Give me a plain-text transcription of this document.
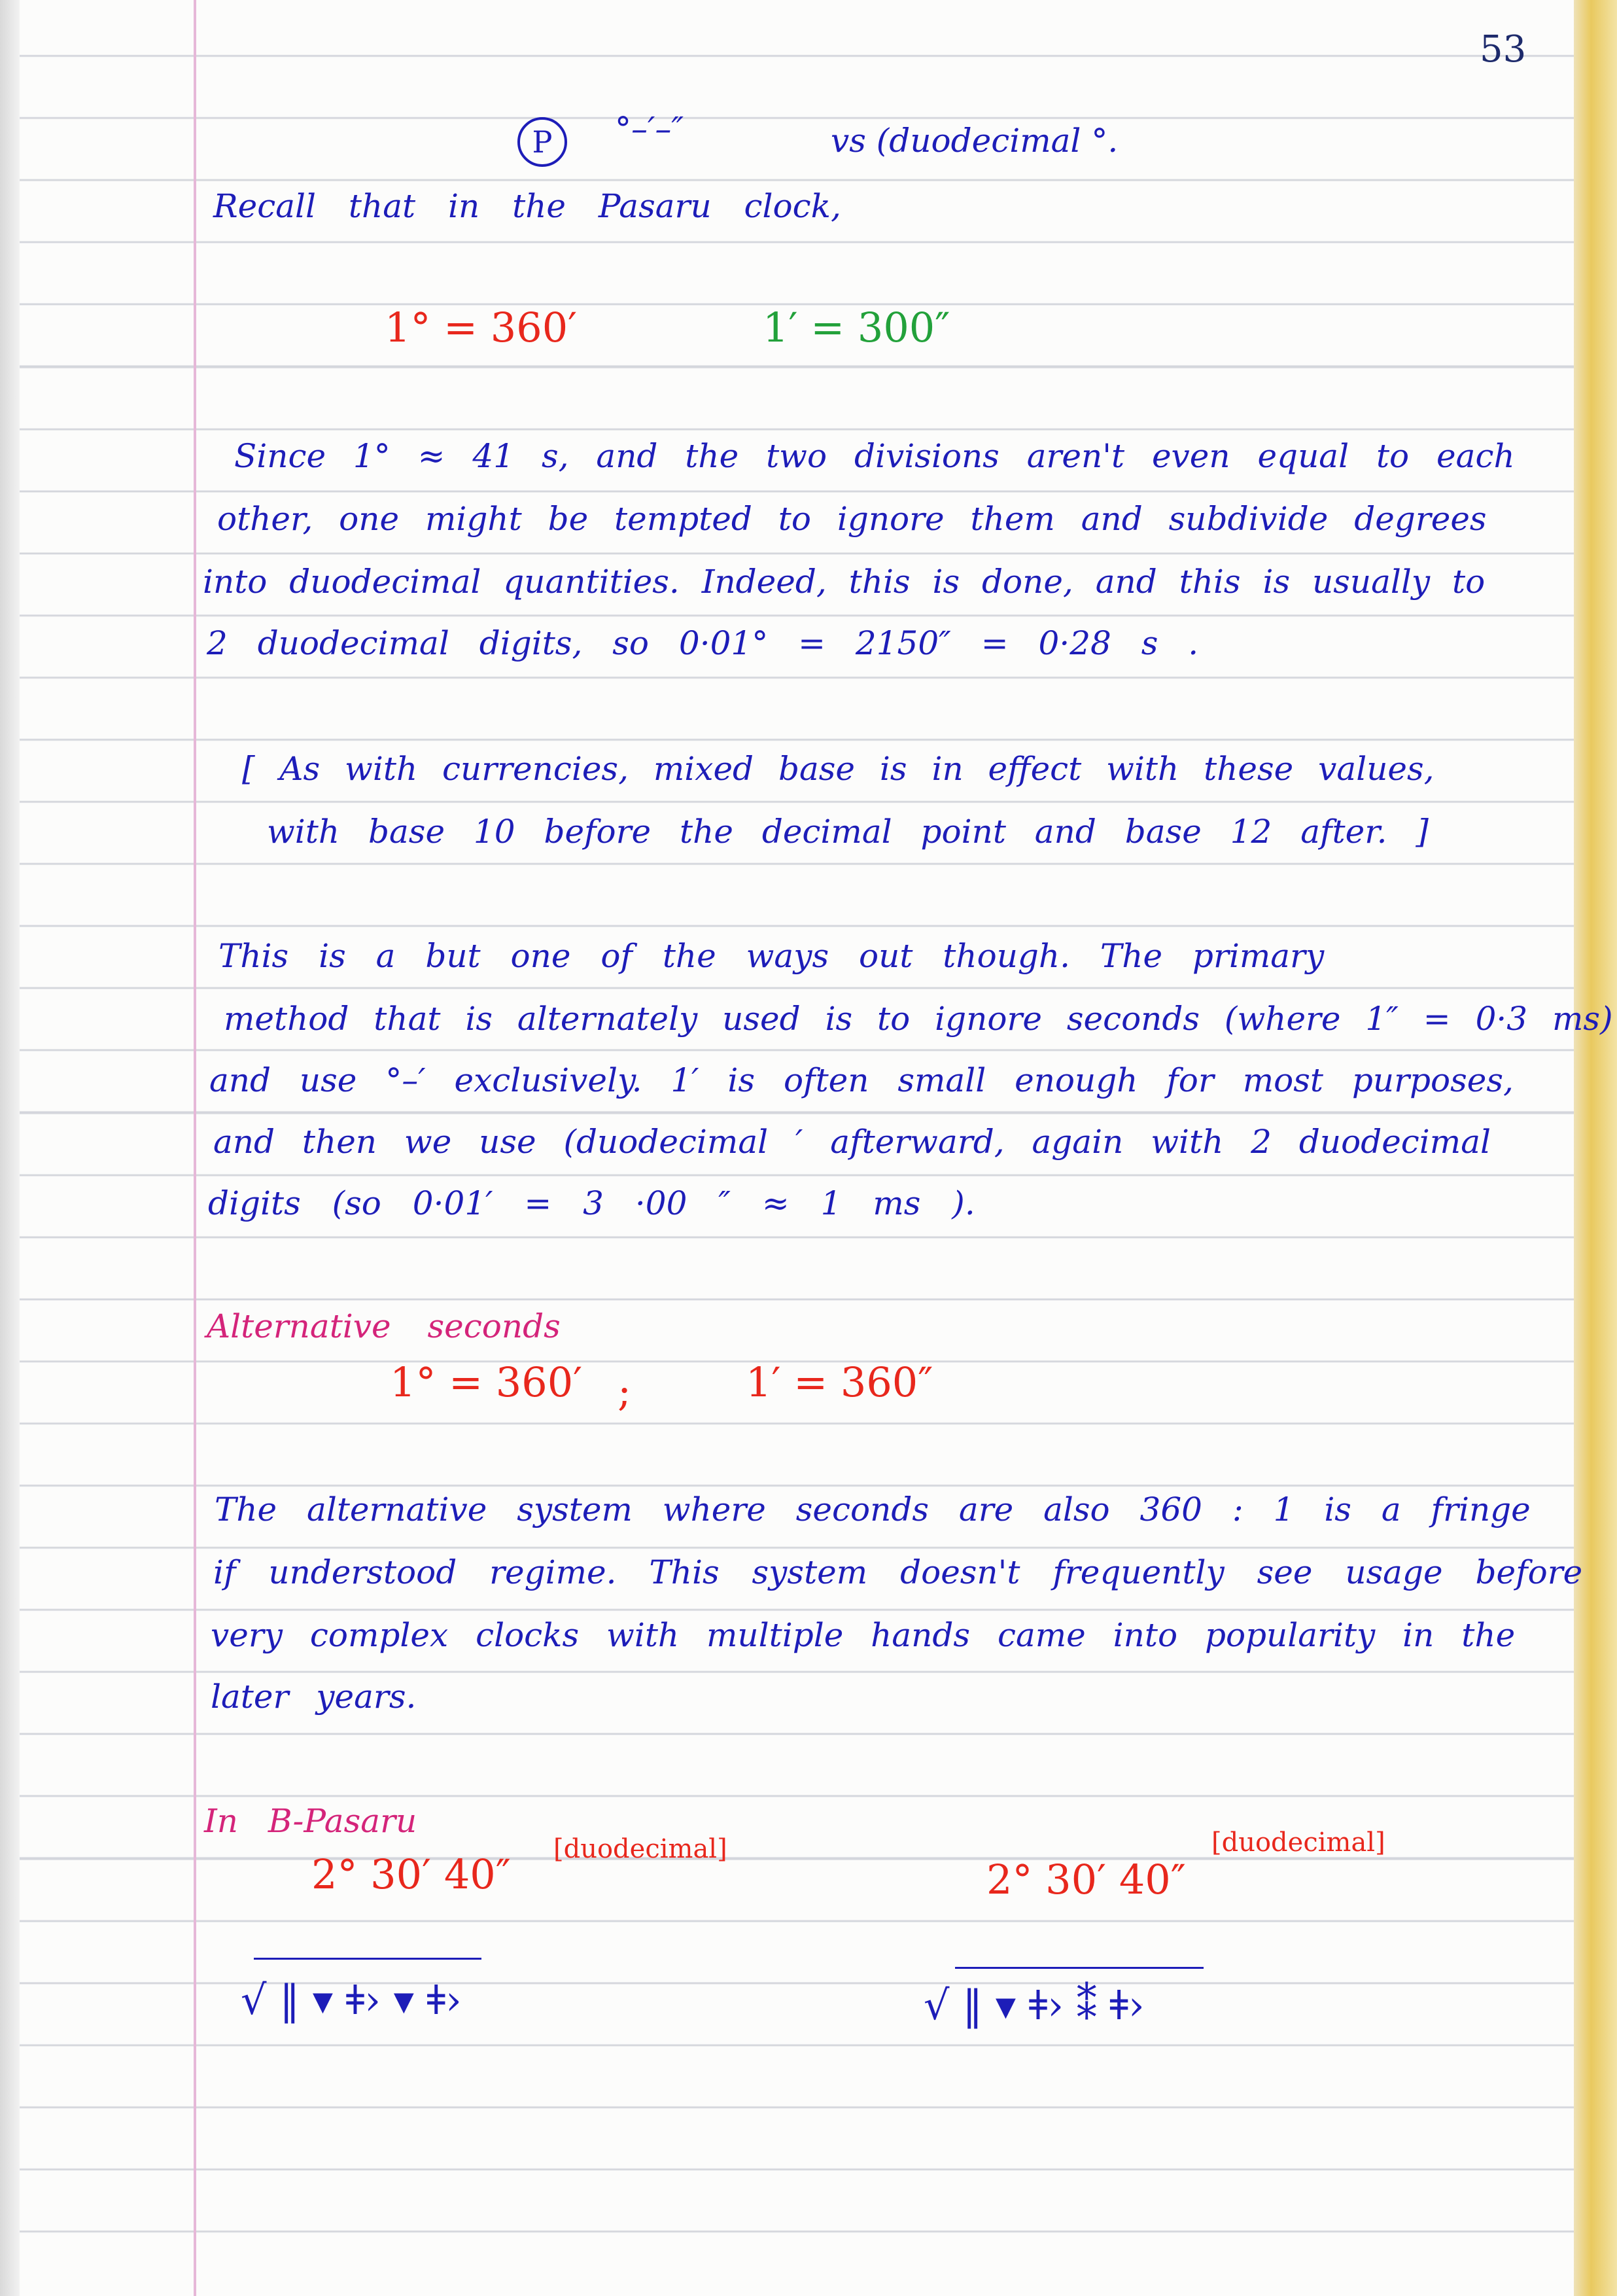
53

P °–′–″	vs (duodecimal °.

Recall that in the Pasaru clock,

1° = 360′	1′ = 300″

Since 1° ≈ 41 s, and the two divisions aren't even equal to each

other, one might be tempted to ignore them and subdivide degrees

into duodecimal quantities. Indeed, this is done, and this is usually to

2 duodecimal digits, so 0·01° = 2150″ = 0·28 s .

[ As with currencies, mixed base is in effect with these values,

with base 10 before the decimal point and base 12 after. ]

This is a but one of the ways out though. The primary

method that is alternately used is to ignore seconds (where 1″ = 0·3 ms)

and use °–′ exclusively. 1′ is often small enough for most purposes,

and then we use (duodecimal ′ afterward, again with 2 duodecimal

digits (so 0·01′ = 3 ·00 ″ ≈ 1 ms ).

Alternative seconds

1° = 360′ ;	1′ = 360″

The alternative system where seconds are also 360 : 1 is a fringe

if understood regime. This system doesn't frequently see usage before

very complex clocks with multiple hands came into popularity in the

later years.

In B-Pasaru

2° 30′ 40″

[duodecimal]

√ ‖ ▾ ǂ› ▾ ǂ›

2° 30′ 40″

[duodecimal]

√ ‖ ▾ ǂ› ⁑ ǂ›
